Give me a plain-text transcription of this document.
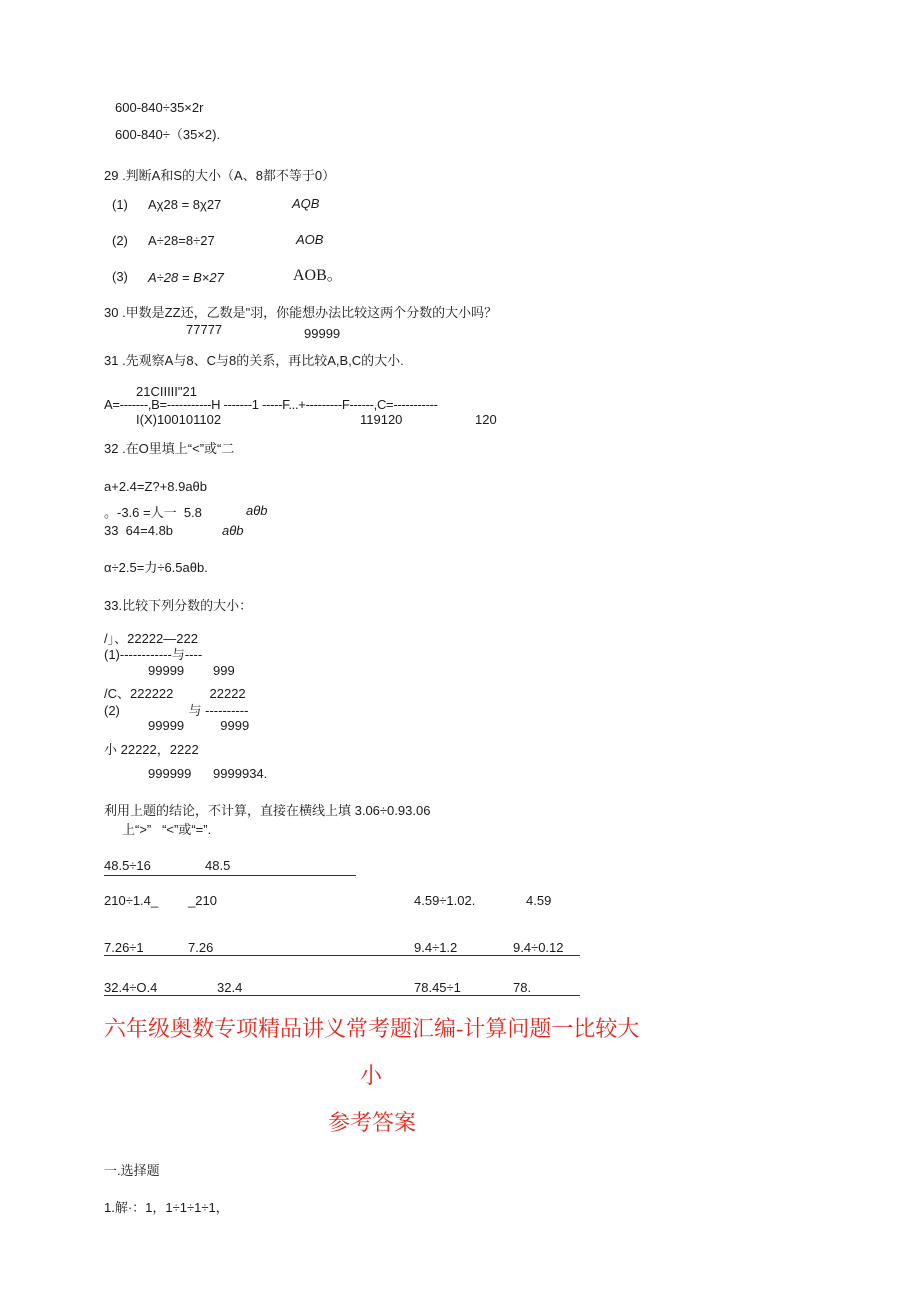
600-840÷35×2r
600-840÷（35×2).
29 .判断A和S的大小（A、8都不等于0）
(1) Aχ28 = 8χ27	AQB
(2) A÷28=8÷27	AOB
(3) A÷28 = B×27	AOB。
30 .甲数是ZZ还，乙数是"羽，你能想办法比较这两个分数的大小吗？
77777	99999
31 .先观察A与8、C与8的关系，再比较A,B,C的大小.
21CIIIII"21
A=-------,B=-----------H -------1 -----F...+---------F------,C=-----------
I(X)100101102	119120	120
32 .在O里填上“<”或“二
a+2.4=Z?+8.9aθb
。-3.6 =人一  5.8	aθb
33  64=4.8b	aθb
α÷2.5=力÷6.5aθb.
33.比较下列分数的大小：
/」、22222—222
(1)------------与----
99999        999
/C、222222          22222
(2)                   与 ----------
99999          9999
小 22222，2222
999999      9999934.
利用上题的结论，不计算，直接在横线上填 3.06÷0.93.06
上“>”   “<”或“=”.
48.5÷16	48.5
210÷1.4_ _210	4.59÷1.02.	4.59
7.26÷1	7.26	9.4÷1.2	9.4÷0.12
32.4÷O.4	32.4	78.45÷1	78.
六年级奥数专项精品讲义常考题汇编-计算问题一比较大
小
参考答案
一.选择题
1.解·：1，1÷1÷1÷1，
